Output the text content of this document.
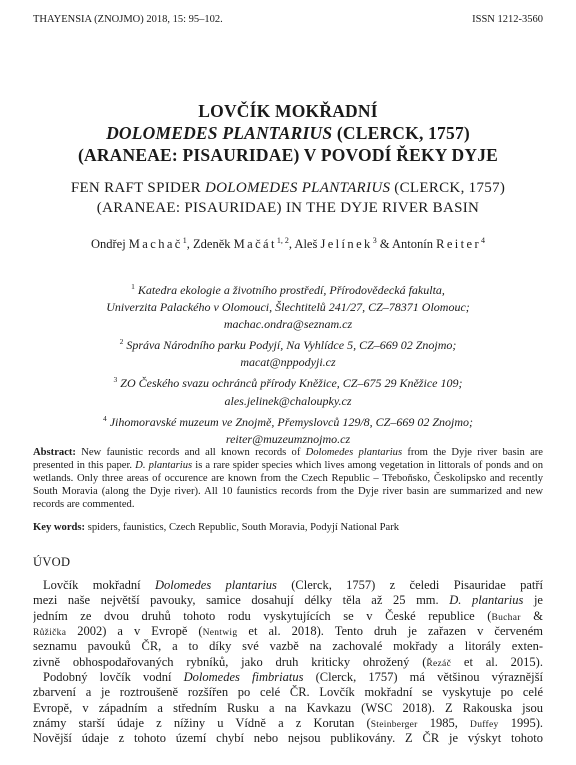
THAYENSIA (ZNOJMO) 2018, 15: 95–102.	ISSN 1212-3560
LOVČÍK MOKŘADNÍ
DOLOMEDES PLANTARIUS (CLERCK, 1757)
(ARANEAE: PISAURIDAE) V POVODÍ ŘEKY DYJE
FEN RAFT SPIDER DOLOMEDES PLANTARIUS (CLERCK, 1757)
(ARANEAE: PISAURIDAE) IN THE DYJE RIVER BASIN
Ondřej Machač$^1$, Zdeněk Mačát$^{1, 2}$, Aleš Jelínek$^3$ & Antonín Reiter$^4$
$^1$ Katedra ekologie a životního prostředí, Přírodovědecká fakulta,
Univerzita Palackého v Olomouci, Šlechtitelů 241/27, CZ–78371 Olomouc;
machac.ondra@seznam.cz
$^2$ Správa Národního parku Podyjí, Na Vyhlídce 5, CZ–669 02 Znojmo;
macat@nppodyji.cz
$^3$ ZO Českého svazu ochránců přírody Kněžice, CZ–675 29 Kněžice 109;
ales.jelinek@chaloupky.cz
$^4$ Jihomoravské muzeum ve Znojmě, Přemyslovců 129/8, CZ–669 02 Znojmo;
reiter@muzeumznojmo.cz
Abstract: New faunistic records and all known records of Dolomedes plantarius from the Dyje river basin are presented in this paper. D. plantarius is a rare spider species which lives among vegetation in littorals of ponds and on wetlands. Only three areas of occurence are known from the Czech Republic – Třeboňsko, Českolipsko and recently South Moravia (along the Dyje river). All 10 faunistics records from the Dyje river basin are summarized and new records are commented.
Key words: spiders, faunistics, Czech Republic, South Moravia, Podyjí National Park
ÚVOD
Lovčík mokřadní Dolomedes plantarius (Clerck, 1757) z čeledi Pisauridae patří
mezi naše největší pavouky, samice dosahují délky těla až 25 mm. D. plantarius je
jedním ze dvou druhů tohoto rodu vyskytujících se v České republice (Buchar &
Růžička 2002) a v Evropě (Nentwig et al. 2018). Tento druh je zařazen v červeném
seznamu pavouků ČR, a to díky své vazbě na zachovalé mokřady a litorály exten-
zivně obhospodařovaných rybníků, jako druh kriticky ohrožený (Řezáč et al. 2015).
Podobný lovčík vodní Dolomedes fimbriatus (Clerck, 1757) má většinou výraznější
zbarvení a je roztroušeně rozšířen po celé ČR. Lovčík mokřadní se vyskytuje po celé
Evropě, v západním a středním Rusku a na Kavkazu (WSC 2018). Z Rakouska jsou
známy starší údaje z nížiny u Vídně a z Korutan (Steinberger 1985, Duffey 1995).
Novější údaje z tohoto území chybí nebo nejsou publikovány. Z ČR je výskyt tohoto
